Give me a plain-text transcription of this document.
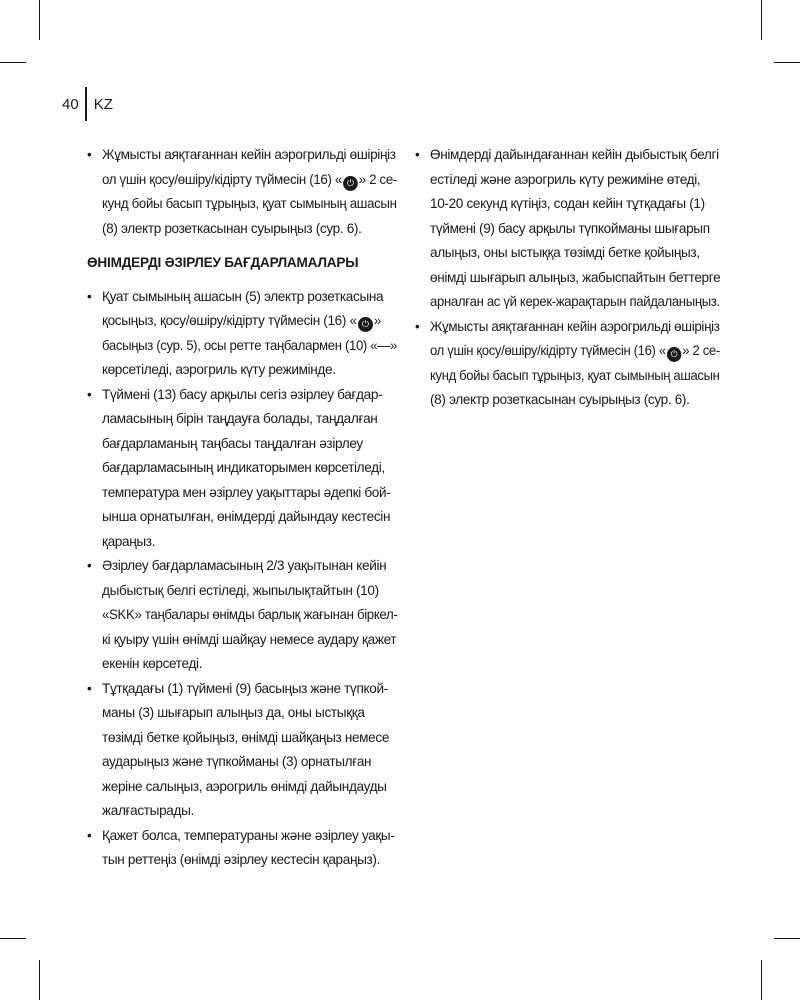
40	KZ
• Жұмысты аяқтағаннан кейін аэрогрильді өшіріңіз
ол үшін қосу/өшіру/кідірту түймесін (16) « ⏻ » 2 се-
кунд бойы басып тұрыңыз, қуат сымының ашасын
(8) электр розеткасынан суырыңыз (сур. 6).
ӨНІМДЕРДІ ӘЗІРЛЕУ БАҒДАРЛАМАЛАРЫ
• Қуат сымының ашасын (5) электр розеткасына
қосыңыз, қосу/өшіру/кідірту түймесін (16) « ⏻ »
басыңыз (сур. 5), осы ретте таңбалармен (10) «—»
көрсетіледі, аэрогриль күту режимінде.
• Түймені (13) басу арқылы сегіз әзірлеу бағдар-
ламасының бірін таңдауға болады, таңдалған
бағдарламаның таңбасы таңдалған әзірлеу
бағдарламасының индикаторымен көрсетіледі,
температура мен әзірлеу уақыттары әдепкі бой-
ынша орнатылған, өнімдерді дайындау кестесін
қараңыз.
• Әзірлеу бағдарламасының 2/3 уақытынан кейін
дыбыстық белгі естіледі, жыпылықтайтын (10)
«SKK» таңбалары өнімды барлық жағынан біркел-
кі қуыру үшін өнімді шайқау немесе аудару қажет
екенін көрсетеді.
• Тұтқадағы (1) түймені (9) басыңыз және түпкой-
маны (3) шығарып алыңыз да, оны ыстыққа
төзімді бетке қойыңыз, өнімді шайқаңыз немесе
аударыңыз және түпкойманы (3) орнатылған
жеріне салыңыз, аэрогриль өнімді дайындауды
жалғастырады.
• Қажет болса, температураны және әзірлеу уақы-
тын реттеңіз (өнімді әзірлеу кестесін қараңыз).
• Өнімдерді дайындағаннан кейін дыбыстық белгі
естіледі және аэрогриль күту режиміне өтеді,
10-20 секунд күтіңіз, содан кейін тұтқадағы (1)
түймені (9) басу арқылы түпкойманы шығарып
алыңыз, оны ыстыққа төзімді бетке қойыңыз,
өнімді шығарып алыңыз, жабыспайтын беттерге
арналған ас үй керек-жарақтарын пайдаланыңыз.
• Жұмысты аяқтағаннан кейін аэрогрильді өшіріңіз
ол үшін қосу/өшіру/кідірту түймесін (16) « ⏻ » 2 се-
кунд бойы басып тұрыңыз, қуат сымының ашасын
(8) электр розеткасынан суырыңыз (сур. 6).
